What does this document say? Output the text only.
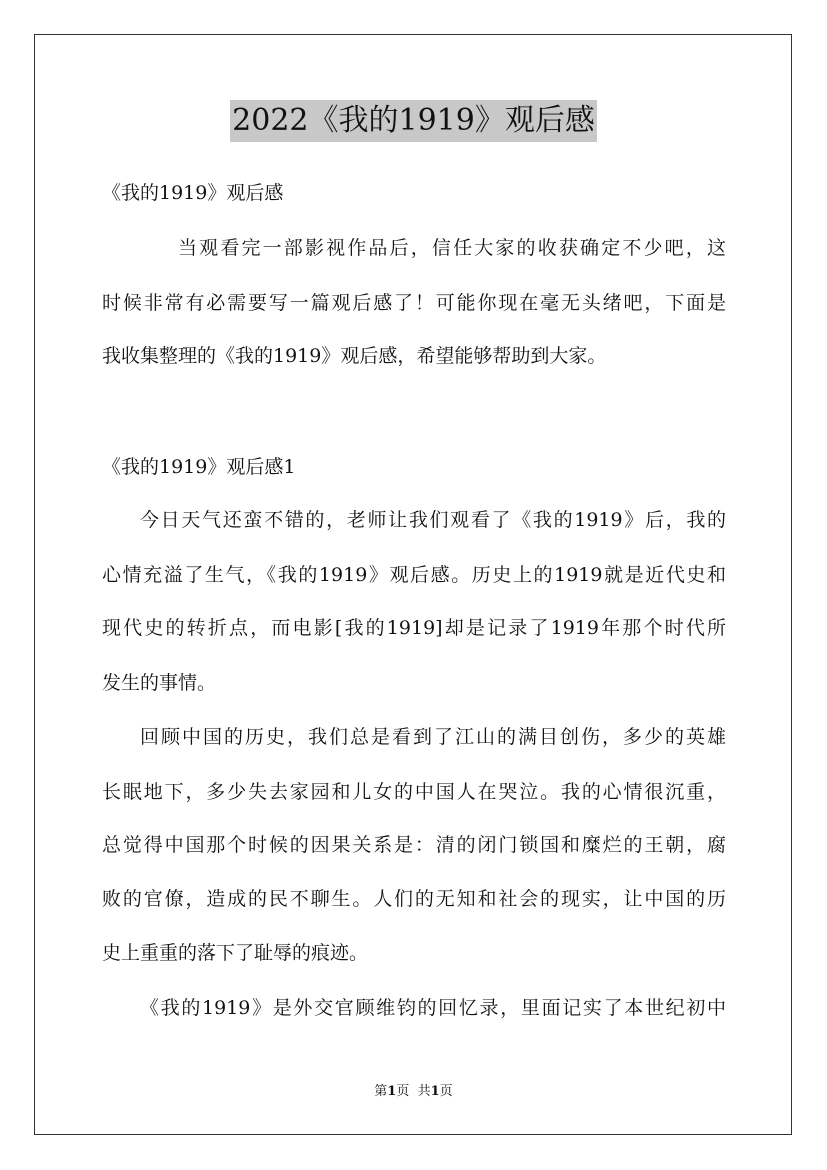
2022《我的1919》观后感
《我的1919》观后感
当观看完一部影视作品后，信任大家的收获确定不少吧，这
时候非常有必需要写一篇观后感了！可能你现在毫无头绪吧，下面是
我收集整理的《我的1919》观后感，希望能够帮助到大家。
《我的1919》观后感1
今日天气还蛮不错的，老师让我们观看了《我的1919》后，我的
心情充溢了生气，《我的1919》观后感。历史上的1919就是近代史和
现代史的转折点，而电影[我的1919]却是记录了1919年那个时代所
发生的事情。
回顾中国的历史，我们总是看到了江山的满目创伤，多少的英雄
长眠地下，多少失去家园和儿女的中国人在哭泣。我的心情很沉重，
总觉得中国那个时候的因果关系是：清的闭门锁国和糜烂的王朝，腐
败的官僚，造成的民不聊生。人们的无知和社会的现实，让中国的历
史上重重的落下了耻辱的痕迹。
《我的1919》是外交官顾维钧的回忆录，里面记实了本世纪初中
第1页 共1页
